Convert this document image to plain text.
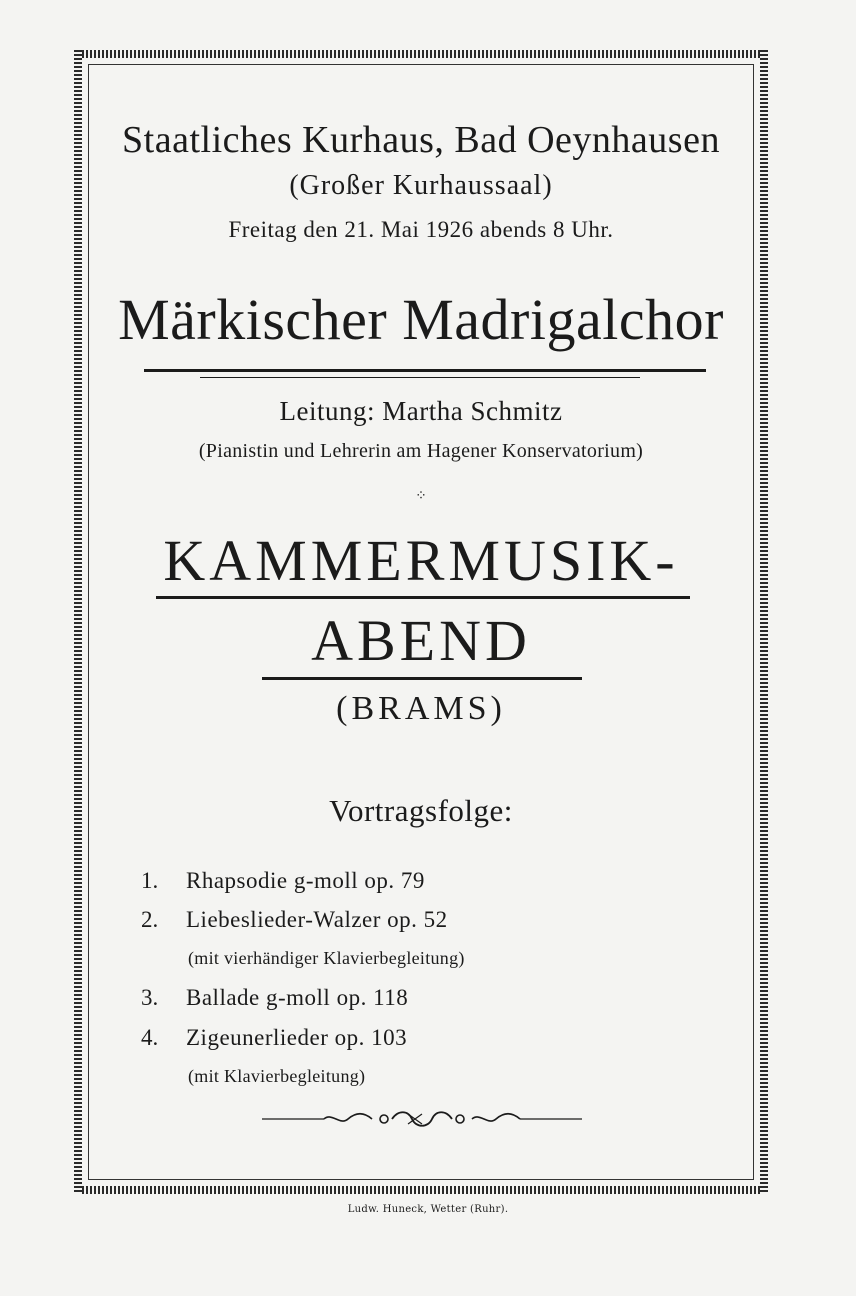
Staatliches Kurhaus, Bad Oeynhausen
(Großer Kurhaussaal)
Freitag den 21. Mai 1926 abends 8 Uhr.
Märkischer Madrigalchor
Leitung: Martha Schmitz
(Pianistin und Lehrerin am Hagener Konservatorium)
⁘
KAMMERMUSIK-
ABEND
(BRAMS)
Vortragsfolge:
1. Rhapsodie g-moll op. 79
2. Liebeslieder-Walzer op. 52
(mit vierhändiger Klavierbegleitung)
3. Ballade g-moll op. 118
4. Zigeunerlieder op. 103
(mit Klavierbegleitung)
Ludw. Huneck, Wetter (Ruhr).
